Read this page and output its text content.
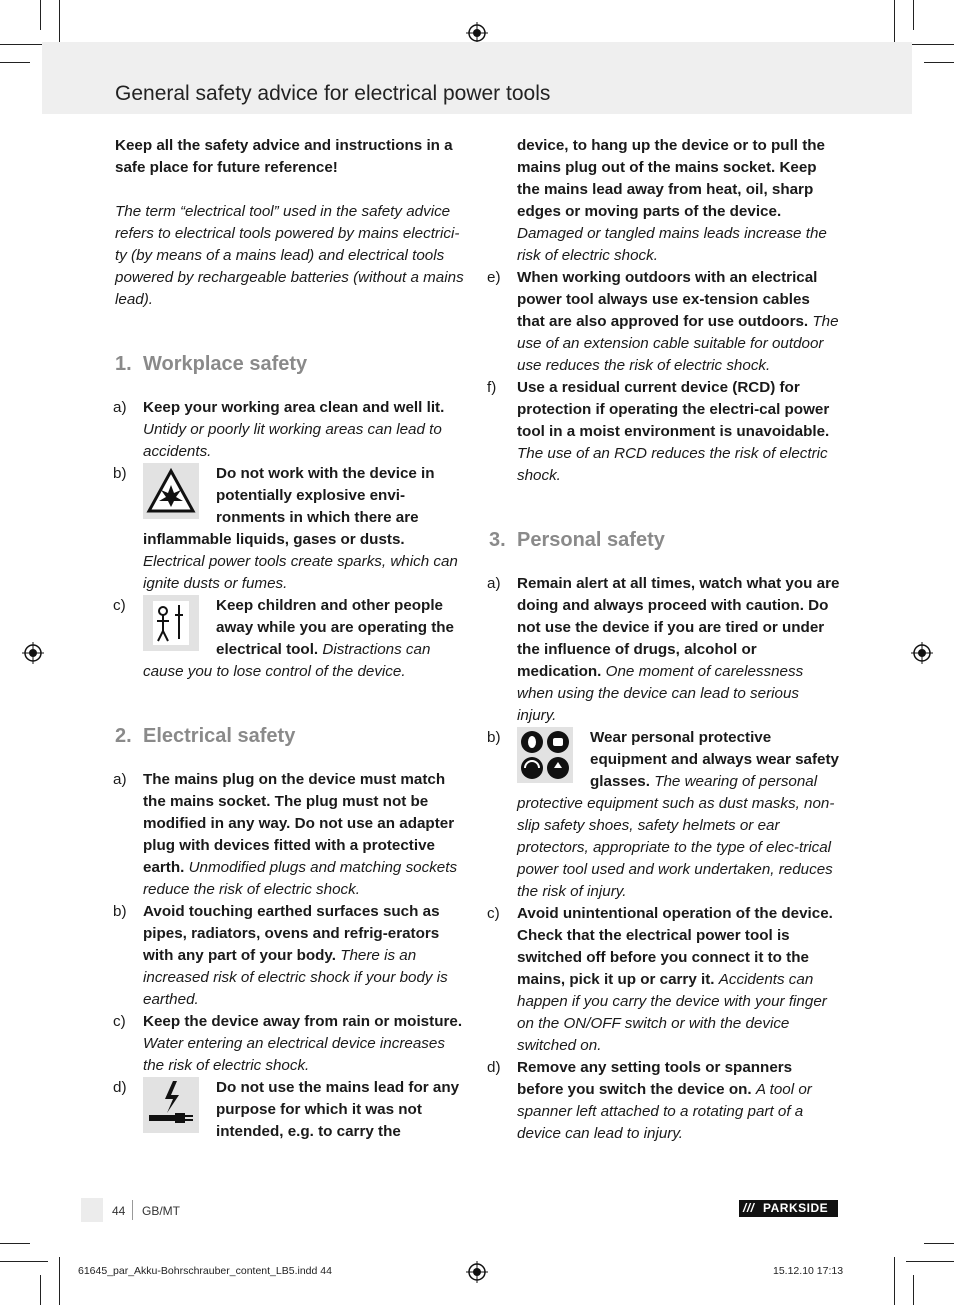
General safety advice for electrical power tools

Keep all the safety advice and instructions in a safe place for future reference!

The term “electrical tool” used in the safety advice refers to electrical tools powered by mains electrici-ty (by means of a mains lead) and electrical tools powered by rechargeable batteries (without a mains lead).

1. Workplace safety
a) Keep your working area clean and well lit. Untidy or poorly lit working areas can lead to accidents.
b)	Do not work with the device in potentially explosive envi-ronments in which there are inflammable liquids, gases or dusts. Electrical power tools create sparks, which can ignite dusts or fumes.
c)	Keep children and other people away while you are operating the electrical tool. Distractions can cause you to lose control of the device.
2. Electrical safety
a) The mains plug on the device must match the mains socket. The plug must not be modified in any way. Do not use an adapter plug with devices fitted with a protective earth. Unmodified plugs and matching sockets reduce the risk of electric shock.
b) Avoid touching earthed surfaces such as pipes, radiators, ovens and refrig-erators with any part of your body. There is an increased risk of electric shock if your body is earthed.
c) Keep the device away from rain or moisture. Water entering an electrical device increases the risk of electric shock.
d)	Do not use the mains lead for any purpose for which it was not intended, e.g. to carry the
device, to hang up the device or to pull the mains plug out of the mains socket. Keep the mains lead away from heat, oil, sharp edges or moving parts of the device. Damaged or tangled mains leads increase the risk of electric shock.
e) When working outdoors with an electrical power tool always use ex-tension cables that are also approved for use outdoors. The use of an extension cable suitable for outdoor use reduces the risk of electric shock.
f) Use a residual current device (RCD) for protection if operating the electri-cal power tool in a moist environment is unavoidable. The use of an RCD reduces the risk of electric shock.
3. Personal safety
a) Remain alert at all times, watch what you are doing and always proceed with caution. Do not use the device if you are tired or under the influence of drugs, alcohol or medication. One moment of carelessness when using the device can lead to serious injury.
b)	Wear personal protective equipment and always wear safety glasses. The wearing of personal protective equipment such as dust masks, non-slip safety shoes, safety helmets or ear protectors, appropriate to the type of elec-trical power tool used and work undertaken, reduces the risk of injury.
c) Avoid unintentional operation of the device. Check that the electrical power tool is switched off before you connect it to the mains, pick it up or carry it. Accidents can happen if you carry the device with your finger on the ON/OFF switch or with the device switched on.
d) Remove any setting tools or spanners before you switch the device on. A tool or spanner left attached to a rotating part of a device can lead to injury.
44 GB/MT	/// PARKSIDE
61645_par_Akku-Bohrschrauber_content_LB5.indd 44	15.12.10 17:13
